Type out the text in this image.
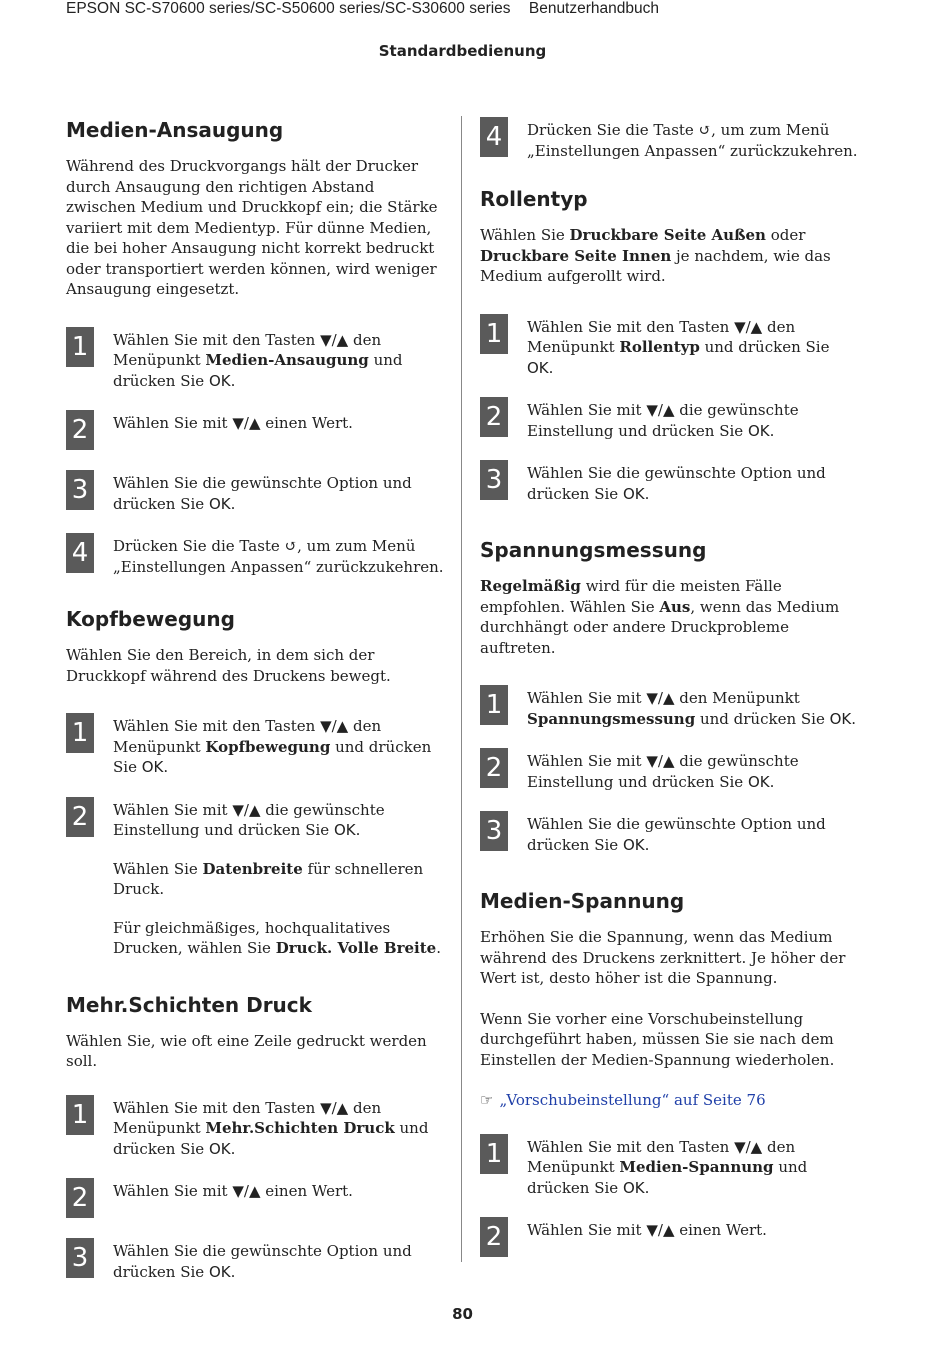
EPSON SC-S70600 series/SC-S50600 series/SC-S30600 series Benutzerhandbuch
Standardbedienung
Medien-Ansaugung

Während des Druckvorgangs hält der Drucker durch Ansaugung den richtigen Abstand zwischen Medium und Druckkopf ein; die Stärke variiert mit dem Medientyp. Für dünne Medien, die bei hoher Ansaugung nicht korrekt bedruckt oder transportiert werden können, wird weniger Ansaugung eingesetzt.

1	Wählen Sie mit den Tasten ▼/▲ den Menüpunkt Medien-Ansaugung und drücken Sie OK.

2	Wählen Sie mit ▼/▲ einen Wert.

3	Wählen Sie die gewünschte Option und drücken Sie OK.

4	Drücken Sie die Taste ↺, um zum Menü „Einstellungen Anpassen“ zurückzukehren.

Kopfbewegung

Wählen Sie den Bereich, in dem sich der Druckkopf während des Druckens bewegt.

1	Wählen Sie mit den Tasten ▼/▲ den Menüpunkt Kopfbewegung und drücken Sie OK.

2	Wählen Sie mit ▼/▲ die gewünschte Einstellung und drücken Sie OK.

Wählen Sie Datenbreite für schnelleren Druck.

Für gleichmäßiges, hochqualitatives Drucken, wählen Sie Druck. Volle Breite.

Mehr.Schichten Druck

Wählen Sie, wie oft eine Zeile gedruckt werden soll.

1	Wählen Sie mit den Tasten ▼/▲ den Menüpunkt Mehr.Schichten Druck und drücken Sie OK.

2	Wählen Sie mit ▼/▲ einen Wert.

3	Wählen Sie die gewünschte Option und drücken Sie OK.

4	Drücken Sie die Taste ↺, um zum Menü „Einstellungen Anpassen“ zurückzukehren.

Rollentyp

Wählen Sie Druckbare Seite Außen oder Druckbare Seite Innen je nachdem, wie das Medium aufgerollt wird.

1	Wählen Sie mit den Tasten ▼/▲ den Menüpunkt Rollentyp und drücken Sie OK.

2	Wählen Sie mit ▼/▲ die gewünschte Einstellung und drücken Sie OK.

3	Wählen Sie die gewünschte Option und drücken Sie OK.

Spannungsmessung

Regelmäßig wird für die meisten Fälle empfohlen. Wählen Sie Aus, wenn das Medium durchhängt oder andere Druckprobleme auftreten.

1	Wählen Sie mit ▼/▲ den Menüpunkt Spannungsmessung und drücken Sie OK.

2	Wählen Sie mit ▼/▲ die gewünschte Einstellung und drücken Sie OK.

3	Wählen Sie die gewünschte Option und drücken Sie OK.

Medien-Spannung

Erhöhen Sie die Spannung, wenn das Medium während des Druckens zerknittert. Je höher der Wert ist, desto höher ist die Spannung.

Wenn Sie vorher eine Vorschubeinstellung durchgeführt haben, müssen Sie sie nach dem Einstellen der Medien-Spannung wiederholen.

☞ „Vorschubeinstellung“ auf Seite 76

1	Wählen Sie mit den Tasten ▼/▲ den Menüpunkt Medien-Spannung und drücken Sie OK.

2	Wählen Sie mit ▼/▲ einen Wert.

80
